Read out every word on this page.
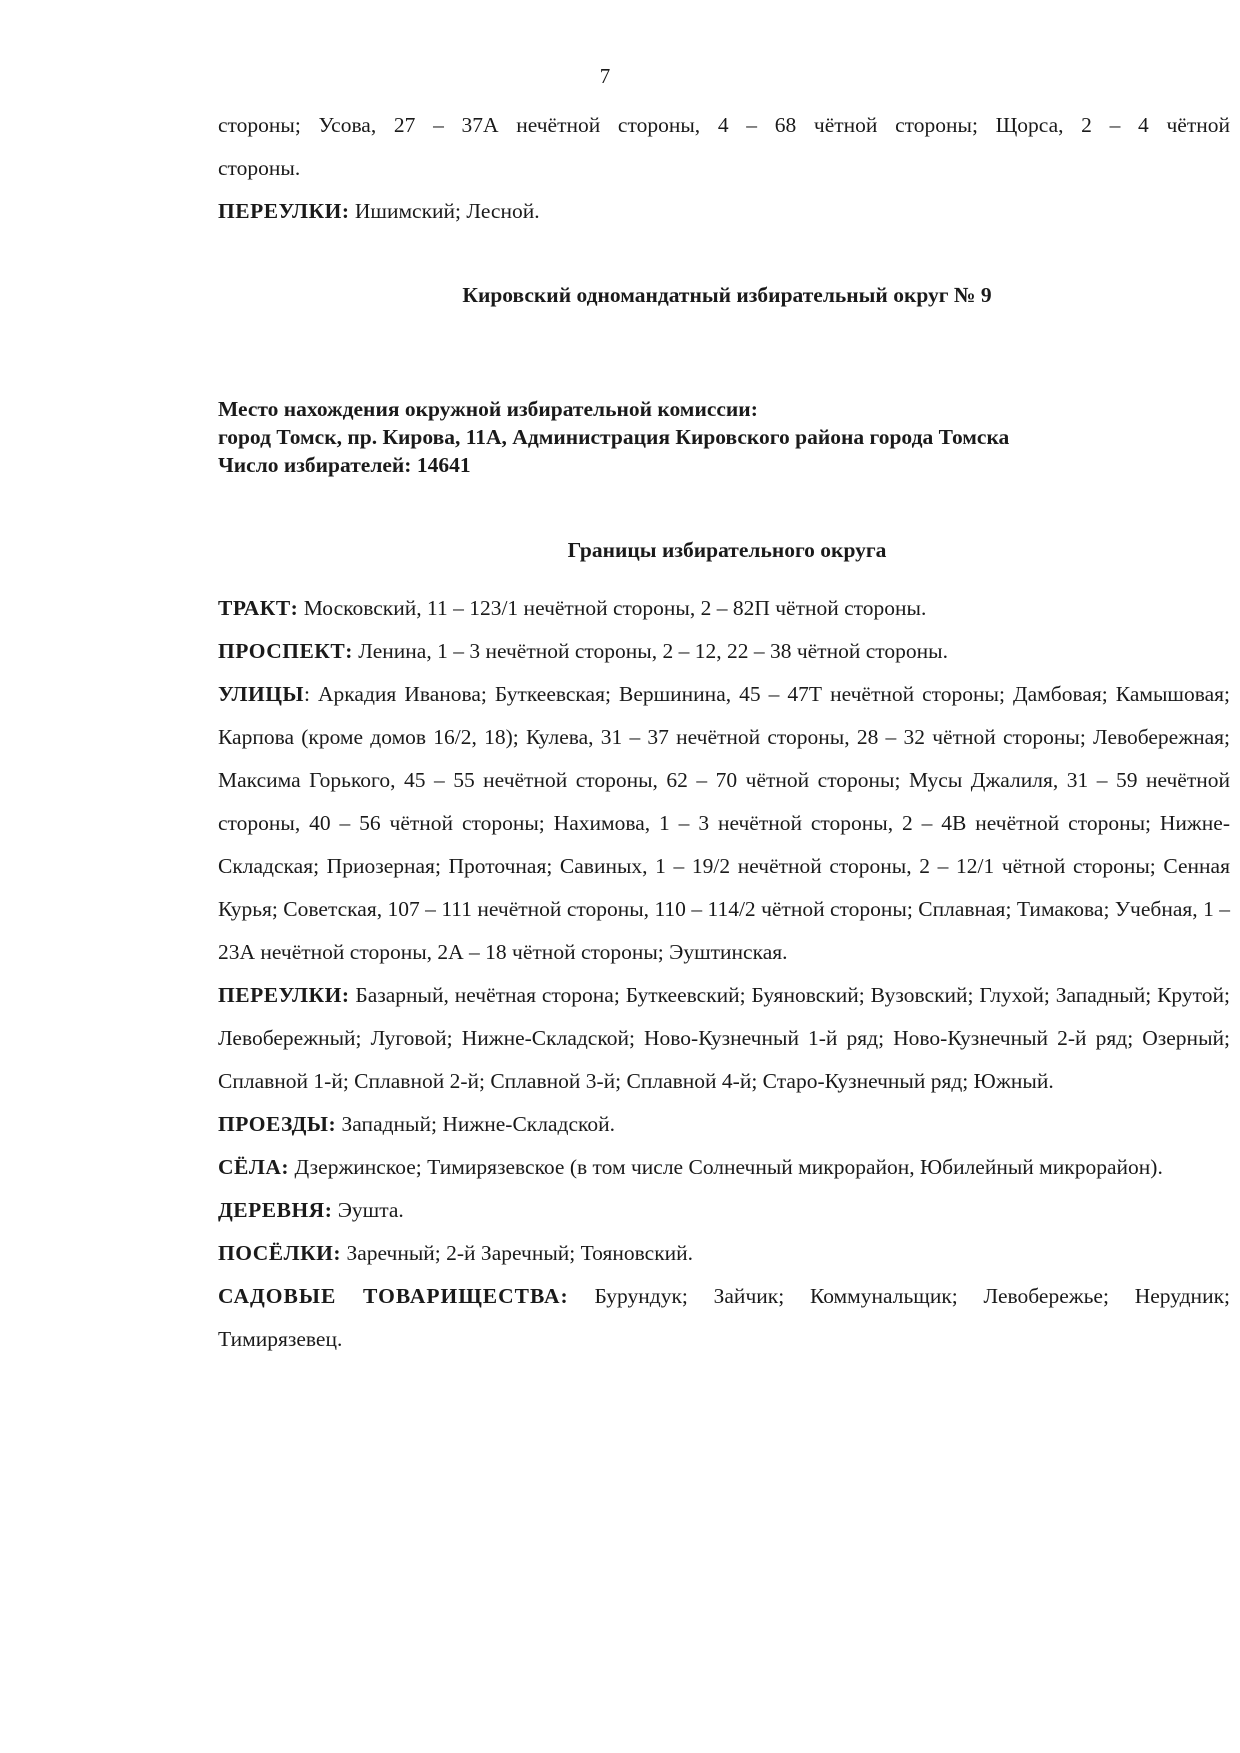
7

стороны; Усова, 27 – 37А нечётной стороны, 4 – 68 чётной стороны; Щорса, 2 – 4 чётной

стороны.

ПЕРЕУЛКИ: Ишимский; Лесной.

Кировский одномандатный избирательный округ № 9
Место нахождения окружной избирательной комиссии:
город Томск, пр. Кирова, 11А, Администрация Кировского района города Томска
Число избирателей: 14641
Границы избирательного округа

ТРАКТ: Московский, 11 – 123/1 нечётной стороны, 2 – 82П чётной стороны.

ПРОСПЕКТ: Ленина, 1 – 3 нечётной стороны, 2 – 12, 22 – 38 чётной стороны.

УЛИЦЫ: Аркадия Иванова; Буткеевская; Вершинина, 45 – 47Т нечётной стороны; Дамбовая; Камышовая; Карпова (кроме домов 16/2, 18); Кулева, 31 – 37 нечётной стороны, 28 – 32 чётной стороны; Левобережная; Максима Горького, 45 – 55 нечётной стороны, 62 – 70 чётной стороны; Мусы Джалиля, 31 – 59 нечётной стороны, 40 – 56 чётной стороны; Нахимова, 1 – 3 нечётной стороны, 2 – 4В нечётной стороны; Нижне-Складская; Приозерная; Проточная; Савиных, 1 – 19/2 нечётной стороны, 2 – 12/1 чётной стороны; Сенная Курья; Советская, 107 – 111 нечётной стороны, 110 – 114/2 чётной стороны; Сплавная; Тимакова; Учебная, 1 – 23А нечётной стороны, 2А – 18 чётной стороны; Эуштинская.

ПЕРЕУЛКИ: Базарный, нечётная сторона; Буткеевский; Буяновский; Вузовский; Глухой; Западный; Крутой; Левобережный; Луговой; Нижне-Складской; Ново-Кузнечный 1-й ряд; Ново-Кузнечный 2-й ряд; Озерный; Сплавной 1-й; Сплавной 2-й; Сплавной 3-й; Сплавной 4-й; Старо-Кузнечный ряд; Южный.

ПРОЕЗДЫ: Западный; Нижне-Складской.

СЁЛА: Дзержинское; Тимирязевское (в том числе Солнечный микрорайон, Юбилейный микрорайон).

ДЕРЕВНЯ: Эушта.

ПОСЁЛКИ: Заречный; 2-й Заречный; Тояновский.

САДОВЫЕ ТОВАРИЩЕСТВА: Бурундук; Зайчик; Коммунальщик; Левобережье; Нерудник; Тимирязевец.
